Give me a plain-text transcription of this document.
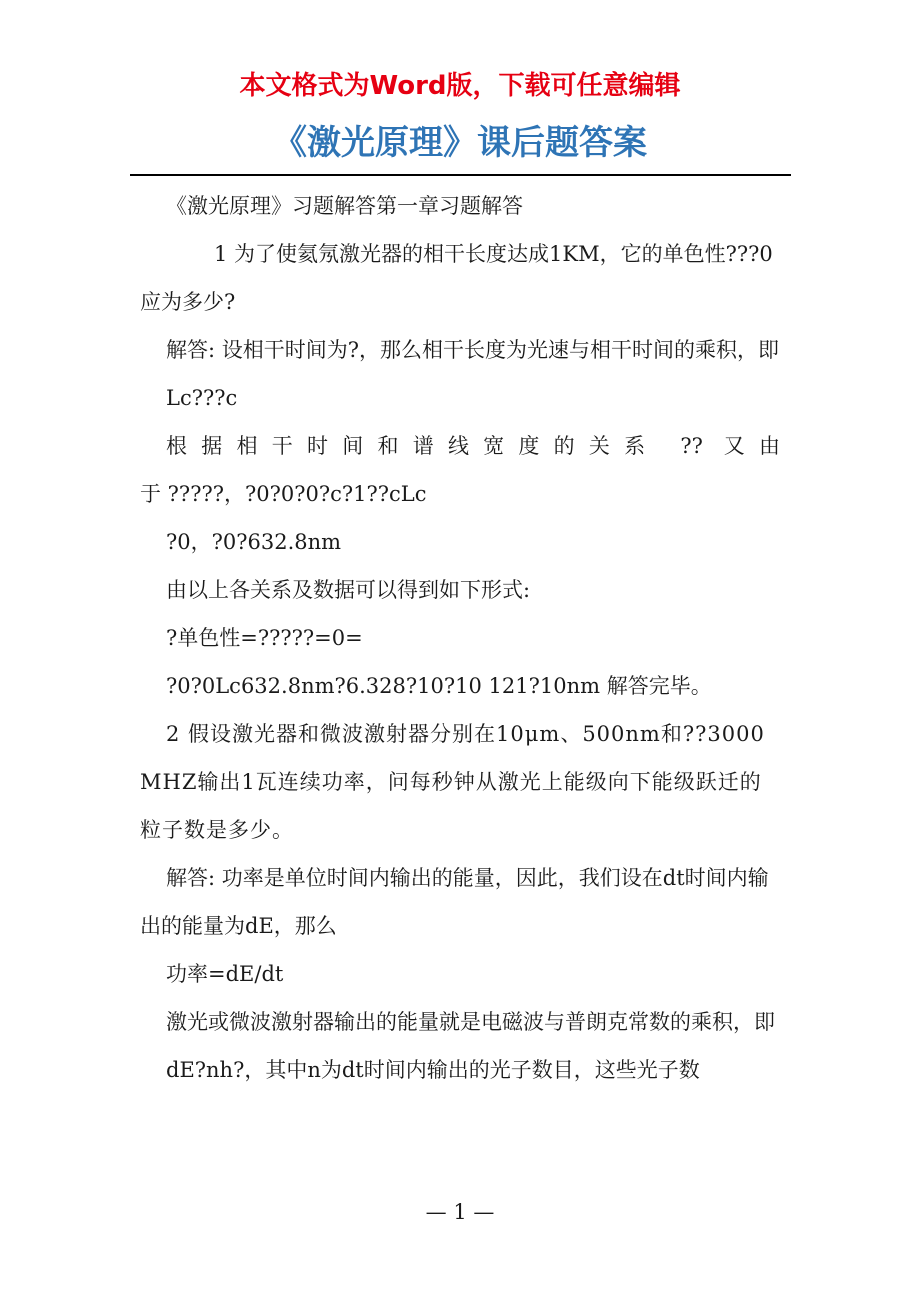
本文格式为Word版，下载可任意编辑
《激光原理》课后题答案

《激光原理》习题解答第一章习题解答

1 为了使氦氖激光器的相干长度达成1KM，它的单色性???0应为多少?

解答: 设相干时间为?，那么相干长度为光速与相干时间的乘积，即

Lc???c

根据相干时间和谱线宽度的关系 ?? 又由

于 ?????，?0?0?0?c?1??cLc

?0，?0?632.8nm

由以上各关系及数据可以得到如下形式:

?单色性=?????=0=

?0?0Lc632.8nm?6.328?10?10 121?10nm 解答完毕。

2 假设激光器和微波激射器分别在10μm、500nm和??3000MHZ输出1瓦连续功率，问每秒钟从激光上能级向下能级跃迁的粒子数是多少。

解答: 功率是单位时间内输出的能量，因此，我们设在dt时间内输出的能量为dE，那么

功率=dE/dt

激光或微波激射器输出的能量就是电磁波与普朗克常数的乘积，即

dE?nh?，其中n为dt时间内输出的光子数目，这些光子数

— 1 —
